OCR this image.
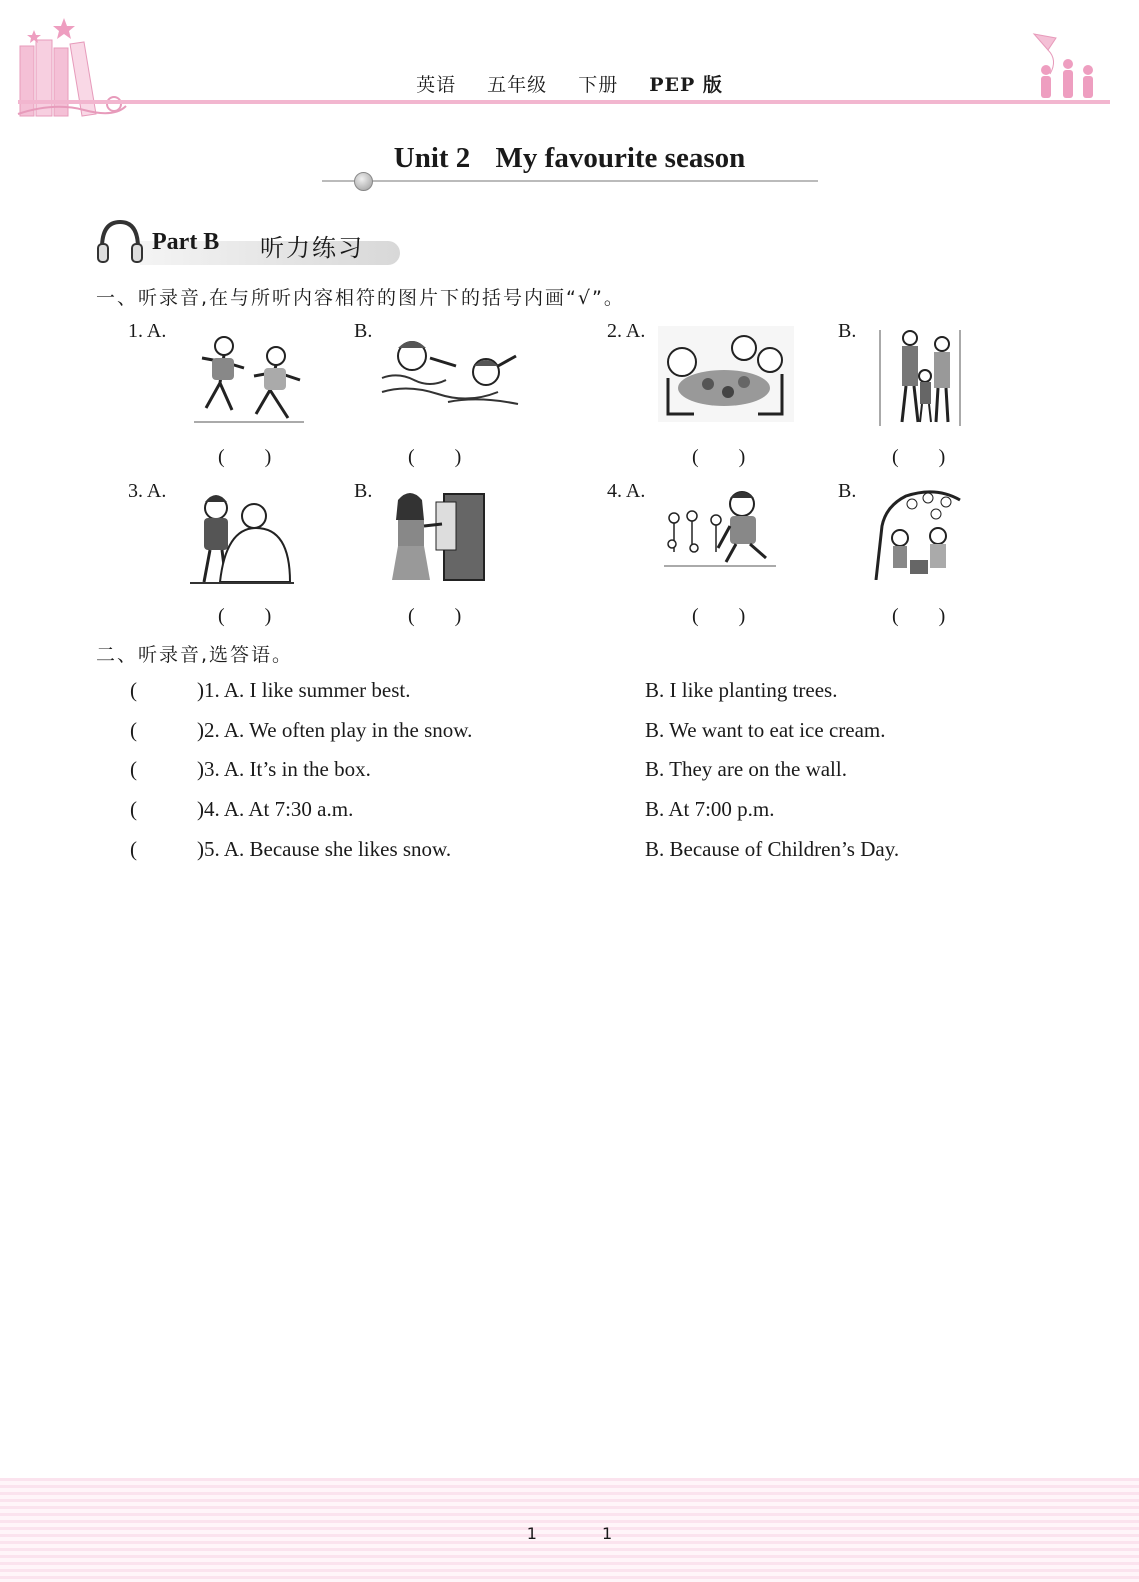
英语 五年级 下册 PEP 版
Unit 2 My favourite season
Part B 听力练习
一、听录音,在与所听内容相符的图片下的括号内画“√”。
1. A.	B.	2. A.	B.
(　　)	(　　)	(　　)	(　　)
3. A.	B.	4. A.	B.
(　　)	(　　)	(　　)	(　　)
二、听录音,选答语。
(	)1. A. I like summer best.	B. I like planting trees.
(	)2. A. We often play in the snow.	B. We want to eat ice cream.
(	)3. A. It’s in the box.	B. They are on the wall.
(	)4. A. At 7:30 a.m.	B. At 7:00 p.m.
(	)5. A. Because she likes snow.	B. Because of Children’s Day.
1	1
